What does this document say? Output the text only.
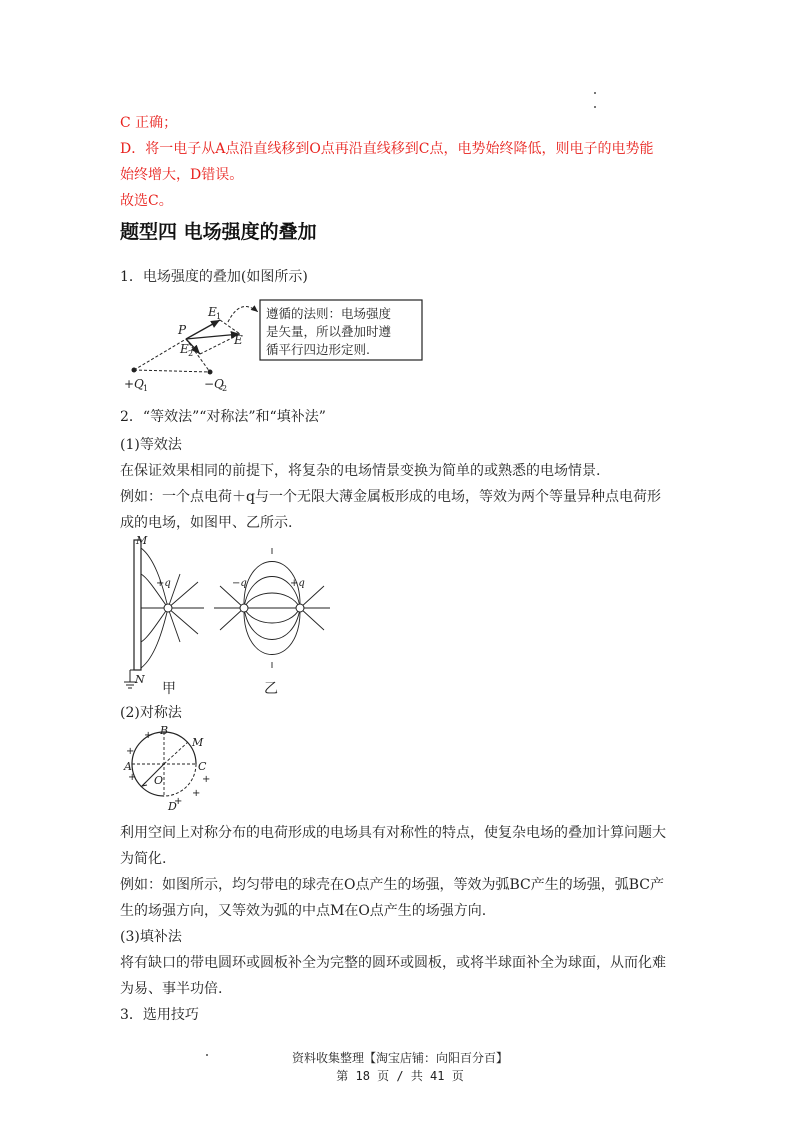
C 正确；
D．将一电子从A点沿直线移到O点再沿直线移到C点，电势始终降低，则电子的电势能
始终增大，D错误。
故选C。
题型四 电场强度的叠加
1．电场强度的叠加(如图所示)
遵循的法则：电场强度
是矢量，所以叠加时遵
循平行四边形定则.
P
E 1
E 2
E
+Q 1	−Q
2
2．“等效法”“对称法”和“填补法”
(1)等效法
在保证效果相同的前提下，将复杂的电场情景变换为简单的或熟悉的电场情景.
例如：一个点电荷＋q与一个无限大薄金属板形成的电场，等效为两个等量异种点电荷形
成的电场，如图甲、乙所示.
M
N
+q	−q	+q
甲	乙
(2)对称法
+
+
+
+
+
+
B
M
A	C
O
D
利用空间上对称分布的电荷形成的电场具有对称性的特点，使复杂电场的叠加计算问题大
为简化.
例如：如图所示，均匀带电的球壳在O点产生的场强，等效为弧BC产生的场强，弧BC产
生的场强方向，又等效为弧的中点M在O点产生的场强方向.
(3)填补法
将有缺口的带电圆环或圆板补全为完整的圆环或圆板，或将半球面补全为球面，从而化难
为易、事半功倍.
3．选用技巧
资料收集整理【淘宝店铺：向阳百分百】
第 18 页 / 共 41 页
